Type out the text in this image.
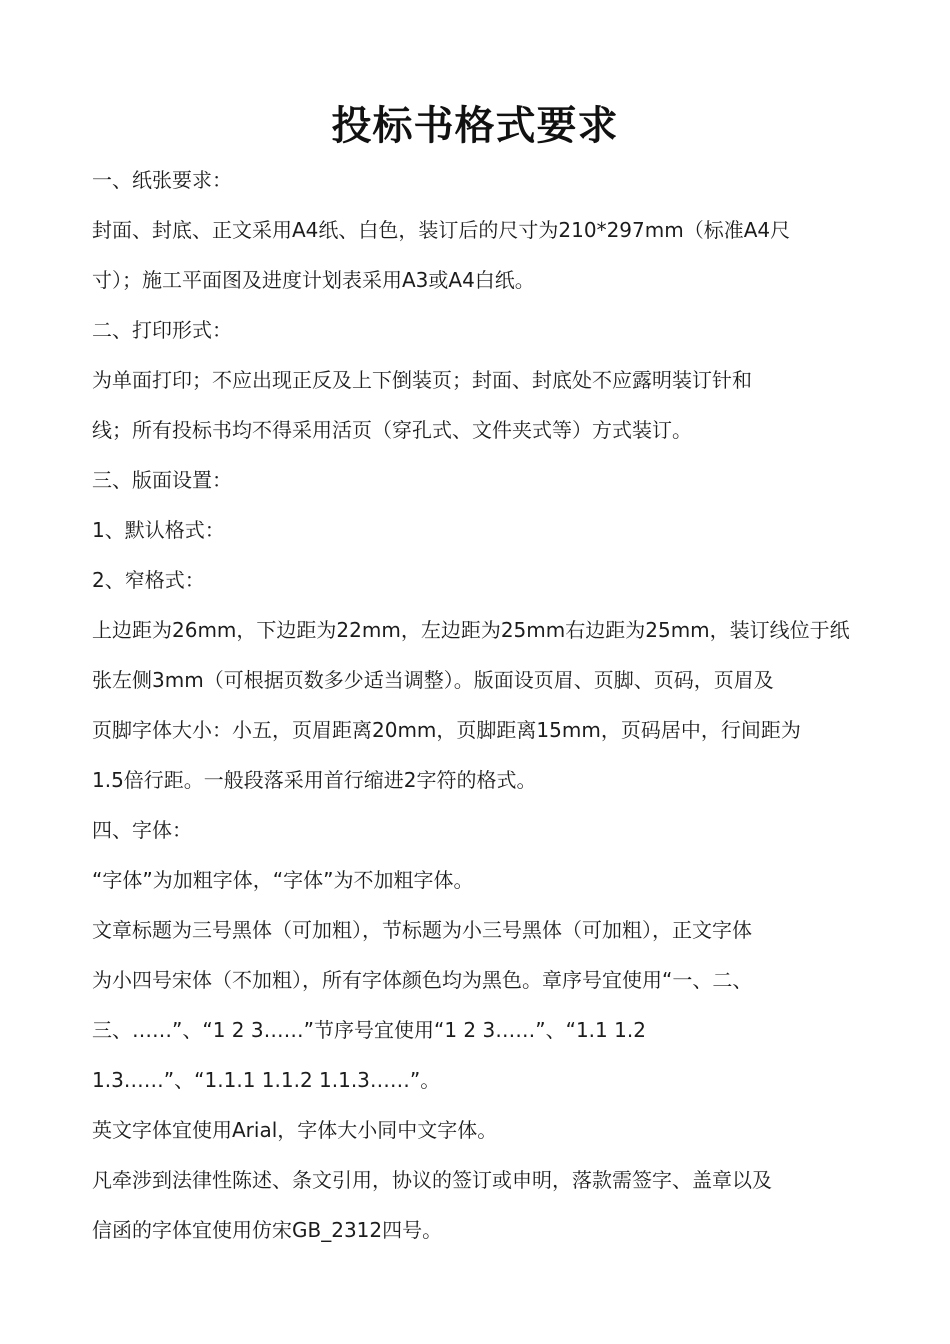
投标书格式要求
一、纸张要求：
封面、封底、正文采用A4纸、白色，装订后的尺寸为210*297mm（标准A4尺
寸）；施工平面图及进度计划表采用A3或A4白纸。
二、打印形式：
为单面打印；不应出现正反及上下倒装页；封面、封底处不应露明装订针和
线；所有投标书均不得采用活页（穿孔式、文件夹式等）方式装订。
三、版面设置：
1、默认格式：
2、窄格式：
上边距为26mm，下边距为22mm，左边距为25mm右边距为25mm，装订线位于纸
张左侧3mm（可根据页数多少适当调整）。版面设页眉、页脚、页码，页眉及
页脚字体大小：小五，页眉距离20mm，页脚距离15mm，页码居中，行间距为
1.5倍行距。一般段落采用首行缩进2字符的格式。
四、字体：
“字体”为加粗字体，“字体”为不加粗字体。
文章标题为三号黑体（可加粗），节标题为小三号黑体（可加粗），正文字体
为小四号宋体（不加粗），所有字体颜色均为黑色。章序号宜使用“一、二、
三、……”、“1 2 3……”节序号宜使用“1 2 3……”、“1.1 1.2
1.3……”、“1.1.1 1.1.2 1.1.3……”。
英文字体宜使用Arial，字体大小同中文字体。
凡牵涉到法律性陈述、条文引用，协议的签订或申明，落款需签字、盖章以及
信函的字体宜使用仿宋GB_2312四号。
